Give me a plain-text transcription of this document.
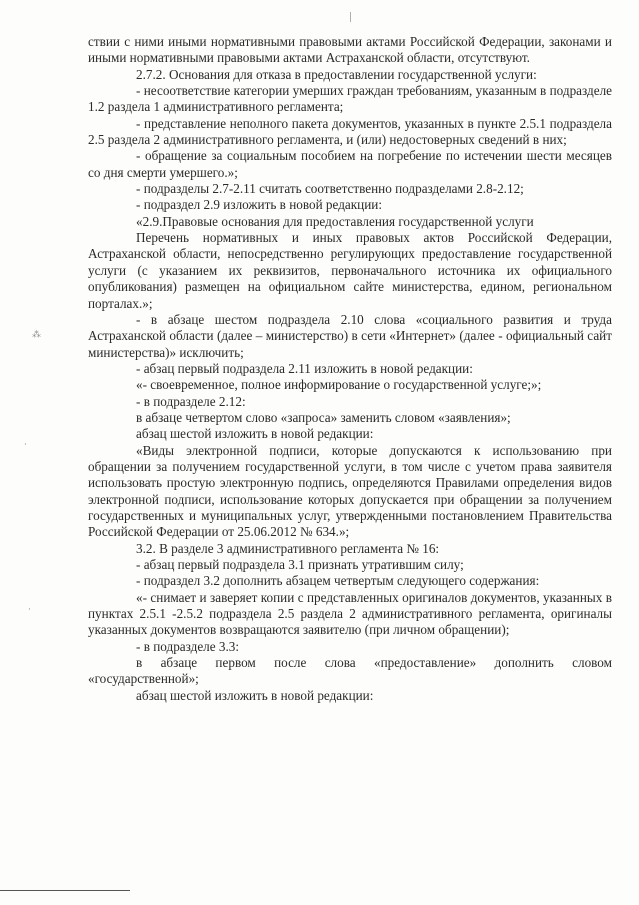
⁂
·
·

ствии с ними иными нормативными правовыми актами Российской Федерации, законами и иными нормативными правовыми актами Астраханской области, отсутствуют.

2.7.2. Основания для отказа в предоставлении государственной услуги:

- несоответствие категории умерших граждан требованиям, указанным в подразделе 1.2 раздела 1 административного регламента;

- представление неполного пакета документов, указанных в пункте 2.5.1 подраздела 2.5 раздела 2 административного регламента, и (или) недостоверных сведений в них;

- обращение за социальным пособием на погребение по истечении шести месяцев со дня смерти умершего.»;

- подразделы 2.7-2.11 считать соответственно подразделами 2.8-2.12;

- подраздел 2.9 изложить в новой редакции:

«2.9.Правовые основания для предоставления государственной услуги

Перечень нормативных и иных правовых актов Российской Федерации, Астраханской области, непосредственно регулирующих предоставление государственной услуги (с указанием их реквизитов, первоначального источника их официального опубликования) размещен на официальном сайте министерства, едином, региональном порталах.»;

- в абзаце шестом подраздела 2.10 слова «социального развития и труда Астраханской области (далее – министерство) в сети «Интернет» (далее - официальный сайт министерства)» исключить;

- абзац первый подраздела 2.11 изложить в новой редакции:

«- своевременное, полное информирование о государственной услуге;»;

- в подразделе 2.12:

в абзаце четвертом слово «запроса» заменить словом «заявления»;

абзац шестой изложить в новой редакции:

«Виды электронной подписи, которые допускаются к использованию при обращении за получением государственной услуги, в том числе с учетом права заявителя использовать простую электронную подпись, определяются Правилами определения видов электронной подписи, использование которых допускается при обращении за получением государственных и муниципальных услуг, утвержденными постановлением Правительства Российской Федерации от 25.06.2012 № 634.»;

3.2. В разделе 3 административного регламента № 16:

- абзац первый подраздела 3.1 признать утратившим силу;

- подраздел 3.2 дополнить абзацем четвертым следующего содержания:

«- снимает и заверяет копии с представленных оригиналов документов, указанных в пунктах 2.5.1 -2.5.2 подраздела 2.5 раздела 2 административного регламента, оригиналы указанных документов возвращаются заявителю (при личном обращении);

- в подразделе 3.3:

в абзаце первом после слова «предоставление» дополнить словом «государственной»;

абзац шестой изложить в новой редакции:
